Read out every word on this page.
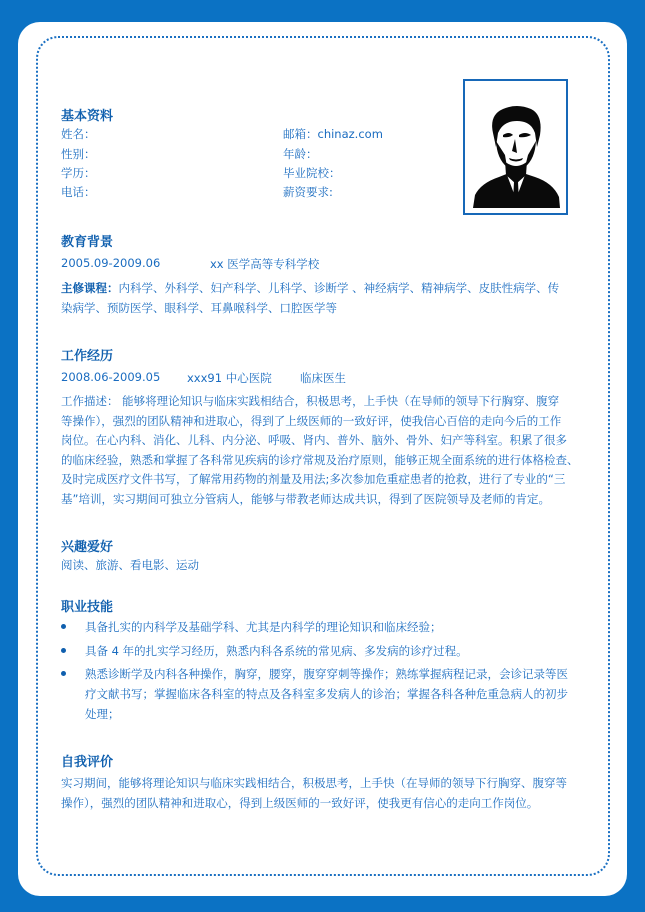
基本资料
姓名：
性别：
学历：
电话：
邮箱：chinaz.com
年龄：
毕业院校：
薪资要求:
教育背景
2005.09-2009.06	xx 医学高等专科学校
主修课程：内科学、外科学、妇产科学、儿科学、诊断学 、神经病学、精神病学、皮肤性病学、传
染病学、预防医学、眼科学、耳鼻喉科学、口腔医学等
工作经历
2008.06-2009.05 xxx91 中心医院 临床医生
工作描述： 能够将理论知识与临床实践相结合，积极思考，上手快（在导师的领导下行胸穿、腹穿
等操作），强烈的团队精神和进取心，得到了上级医师的一致好评，使我信心百倍的走向今后的工作
岗位。在心内科、消化、儿科、内分泌、呼吸、肾内、普外、脑外、骨外、妇产等科室。积累了很多
的临床经验，熟悉和掌握了各科常见疾病的诊疗常规及治疗原则，能够正规全面系统的进行体格检查、
及时完成医疗文件书写，了解常用药物的剂量及用法;多次参加危重症患者的抢救，进行了专业的“三
基”培训，实习期间可独立分管病人，能够与带教老师达成共识，得到了医院领导及老师的肯定。
兴趣爱好
阅读、旅游、看电影、运动
职业技能
具备扎实的内科学及基础学科、尤其是内科学的理论知识和临床经验；
具备 4 年的扎实学习经历，熟悉内科各系统的常见病、多发病的诊疗过程。
熟悉诊断学及内科各种操作，胸穿，腰穿，腹穿穿刺等操作；熟练掌握病程记录，会诊记录等医
疗文献书写；掌握临床各科室的特点及各科室多发病人的诊治；掌握各科各种危重急病人的初步
处理；
自我评价
实习期间，能够将理论知识与临床实践相结合，积极思考，上手快（在导师的领导下行胸穿、腹穿等
操作），强烈的团队精神和进取心，得到上级医师的一致好评，使我更有信心的走向工作岗位。
